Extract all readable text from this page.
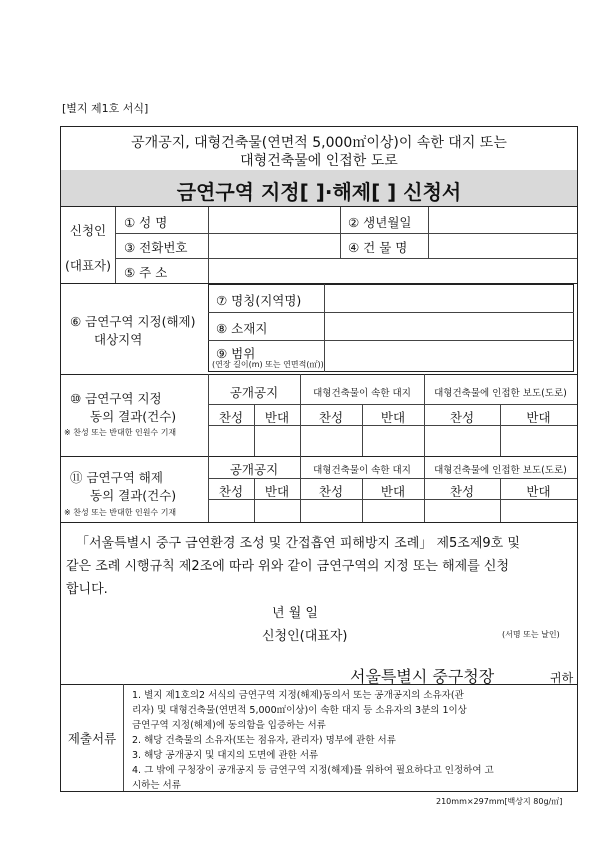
[별지 제1호 서식]
공개공지, 대형건축물(연면적 5,000㎡이상)이 속한 대지 또는
대형건축물에 인접한 도로
금연구역 지정[ ]·해제[ ] 신청서
신청인
(대표자)
① 성 명	② 생년월일
③ 전화번호	④ 건 물 명
⑤ 주 소
⑥ 금연구역 지정(해제)
대상지역
⑦ 명칭(지역명)
⑧ 소재지
⑨ 범위
(연장 길이(m) 또는 연면적(㎡))
⑩ 금연구역 지정
동의 결과(건수)
※ 찬성 또는 반대한 인원수 기재
공개공지	대형건축물이 속한 대지	대형건축물에 인접한 보도(도로)
찬성	반대	찬성	반대	찬성	반대
⑪ 금연구역 해제
동의 결과(건수)
※ 찬성 또는 반대한 인원수 기재
공개공지	대형건축물이 속한 대지	대형건축물에 인접한 보도(도로)
찬성	반대	찬성	반대	찬성	반대
「서울특별시 중구 금연환경 조성 및 간접흡연 피해방지 조례」 제5조제9호 및
같은 조례 시행규칙 제2조에 따라 위와 같이 금연구역의 지정 또는 해제를 신청
합니다.
년 월 일
신청인(대표자)	(서명 또는 날인)
서울특별시 중구청장	귀하
제출서류
1. 별지 제1호의2 서식의 금연구역 지정(해제)동의서 또는 공개공지의 소유자(관
리자) 및 대형건축물(연면적 5,000㎡이상)이 속한 대지 등 소유자의 3분의 1이상
금연구역 지정(해제)에 동의함을 입증하는 서류
2. 해당 건축물의 소유자(또는 점유자, 관리자) 명부에 관한 서류
3. 해당 공개공지 및 대지의 도면에 관한 서류
4. 그 밖에 구청장이 공개공지 등 금연구역 지정(해제)를 위하여 필요하다고 인정하여 고
시하는 서류
210mm×297mm[백상지 80g/㎡]
